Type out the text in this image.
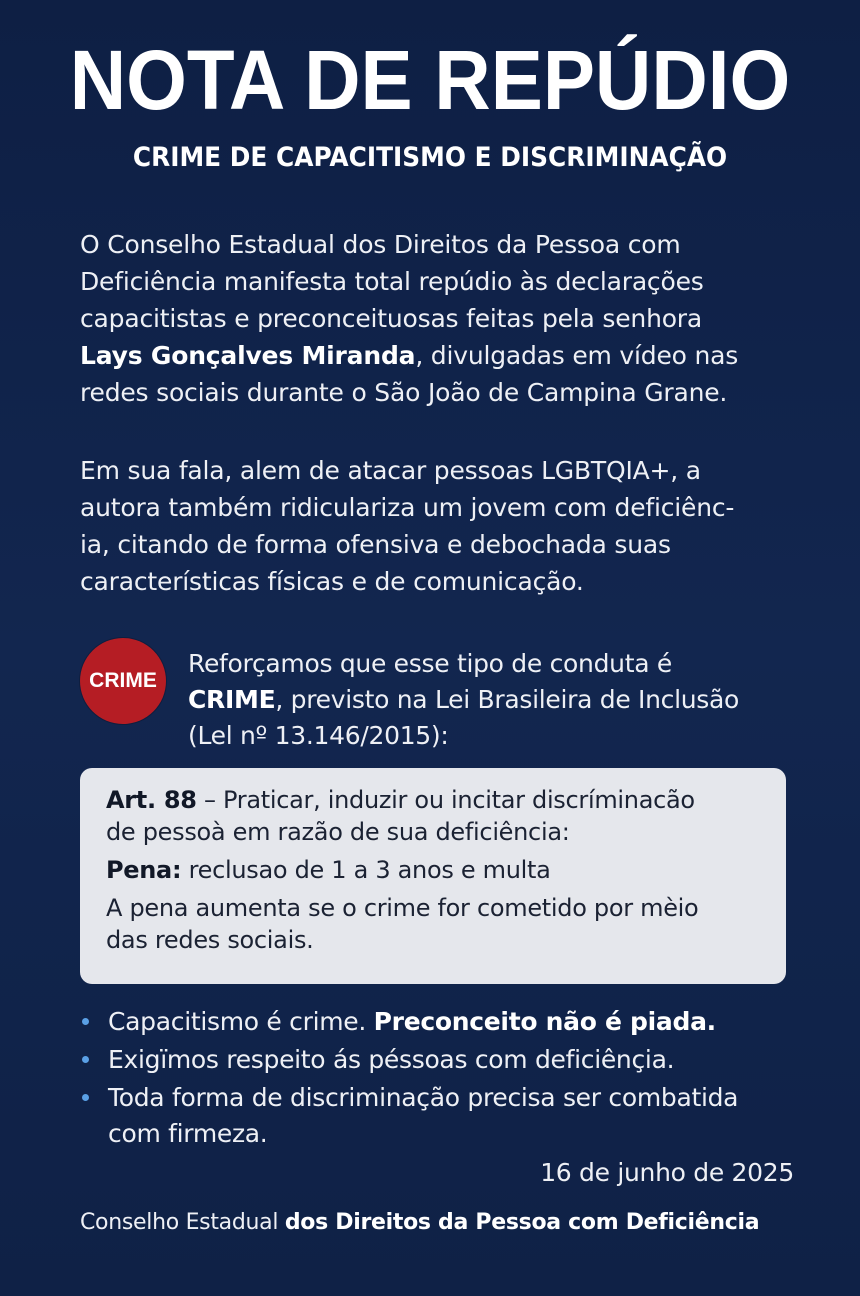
NOTA DE REPÚDIO
CRIME DE CAPACITISMO E DISCRIMINAÇÃO
O Conselho Estadual dos Direitos da Pessoa com
Deficiência manifesta total repúdio às declarações
capacitistas e preconceituosas feitas pela senhora
Lays Gonçalves Miranda, divulgadas em vídeo nas
redes sociais durante o São João de Campina Grane.
Em sua fala, alem de atacar pessoas LGBTQIA+, a
autora também ridiculariza um jovem com deficiênc-
ia, citando de forma ofensiva e debochada suas
características físicas e de comunicação.
CRIME
Reforçamos que esse tipo de conduta é
CRIME, previsto na Lei Brasileira de Inclusão
(Lel nº 13.146/2015):
Art. 88 – Praticar, induzir ou incitar discríminacão
de pessoà em razão de sua deficiência:
Pena: reclusao de 1 a 3 anos e multa
A pena aumenta se o crime for cometido por mèio
das redes sociais.
Capacitismo é crime. Preconceito não é piada.
Exigïmos respeito ás péssoas com deficiênçia.
Toda forma de discriminação precisa ser combatida
com firmeza.
16 de junho de 2025
Conselho Estadual dos Direitos da Pessoa com Deficiência
